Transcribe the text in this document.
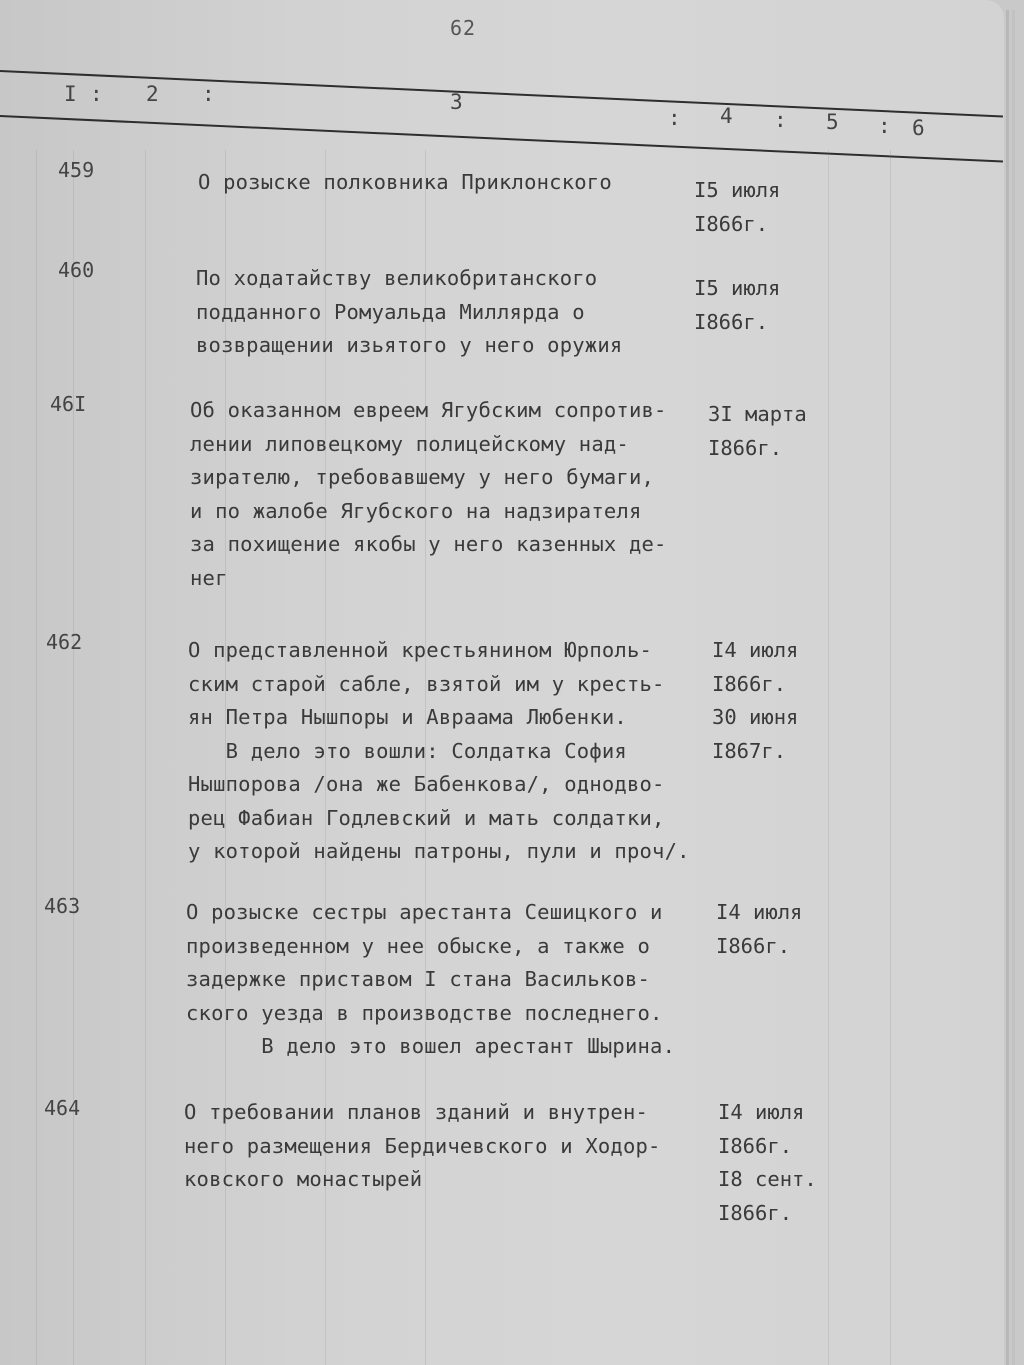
62
I : 2 :	3
: 4 : 5 : 6
459	О розыске полковника Приклонского	I5 июля
I866г.
460	По ходатайству великобританского
подданного Ромуальда Миллярда о
возвращении изьятого у него оружия
I5 июля
I866г.
46I	Об оказанном евреем Ягубским сопротив-
лении липовецкому полицейскому над-
зирателю, требовавшему у него бумаги,
и по жалобе Ягубского на надзирателя
за похищение якобы у него казенных де-
нег
3I марта
I866г.
462	О представленной крестьянином Юрполь-
ским старой сабле, взятой им у кресть-
ян Петра Нышпоры и Авраама Любенки.
В дело это вошли: Солдатка София
Нышпорова /она же Бабенкова/, однодво-
рец Фабиан Годлевский и мать солдатки,
у которой найдены патроны, пули и проч/.
I4 июля
I866г.
30 июня
I867г.
463	О розыске сестры арестанта Сешицкого и
произведенном у нее обыске, а также о
задержке приставом I стана Васильков-
ского уезда в производстве последнего.
В дело это вошел арестант Шырина.
I4 июля
I866г.
464	О требовании планов зданий и внутрен-
него размещения Бердичевского и Ходор-
ковского монастырей
I4 июля
I866г.
I8 сент.
I866г.
